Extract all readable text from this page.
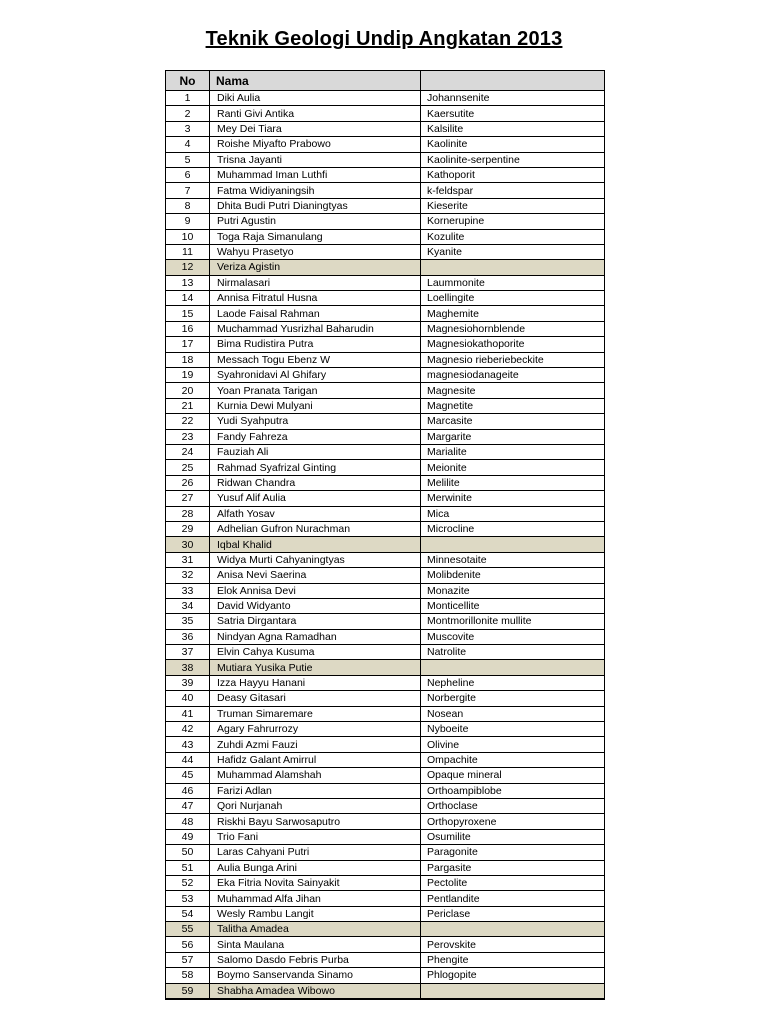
Teknik Geologi Undip Angkatan 2013
No	Nama	
1	Diki Aulia	Johannsenite
2	Ranti Givi Antika	Kaersutite
3	Mey Dei Tiara	Kalsilite
4	Roishe Miyafto Prabowo	Kaolinite
5	Trisna Jayanti	Kaolinite-serpentine
6	Muhammad Iman Luthfi	Kathoporit
7	Fatma Widiyaningsih	k-feldspar
8	Dhita Budi Putri Dianingtyas	Kieserite
9	Putri Agustin	Kornerupine
10	Toga Raja Simanulang	Kozulite
11	Wahyu Prasetyo	Kyanite
12	Veriza Agistin	
13	Nirmalasari	Laummonite
14	Annisa Fitratul Husna	Loellingite
15	Laode Faisal Rahman	Maghemite
16	Muchammad Yusrizhal Baharudin	Magnesiohornblende
17	Bima Rudistira Putra	Magnesiokathoporite
18	Messach Togu Ebenz W	Magnesio rieberiebeckite
19	Syahronidavi Al Ghifary	magnesiodanageite
20	Yoan Pranata Tarigan	Magnesite
21	Kurnia Dewi Mulyani	Magnetite
22	Yudi Syahputra	Marcasite
23	Fandy Fahreza	Margarite
24	Fauziah Ali	Marialite
25	Rahmad Syafrizal Ginting	Meionite
26	Ridwan Chandra	Melilite
27	Yusuf Alif Aulia	Merwinite
28	Alfath Yosav	Mica
29	Adhelian Gufron Nurachman	Microcline
30	Iqbal Khalid	
31	Widya Murti Cahyaningtyas	Minnesotaite
32	Anisa Nevi Saerina	Molibdenite
33	Elok Annisa Devi	Monazite
34	David Widyanto	Monticellite
35	Satria Dirgantara	Montmorillonite mullite
36	Nindyan Agna Ramadhan	Muscovite
37	Elvin Cahya Kusuma	Natrolite
38	Mutiara Yusika Putie	
39	Izza Hayyu Hanani	Nepheline
40	Deasy Gitasari	Norbergite
41	Truman Simaremare	Nosean
42	Agary Fahrurrozy	Nyboeite
43	Zuhdi Azmi Fauzi	Olivine
44	Hafidz Galant Amirrul	Ompachite
45	Muhammad Alamshah	Opaque mineral
46	Farizi Adlan	Orthoampiblobe
47	Qori Nurjanah	Orthoclase
48	Riskhi Bayu Sarwosaputro	Orthopyroxene
49	Trio Fani	Osumilite
50	Laras Cahyani Putri	Paragonite
51	Aulia Bunga Arini	Pargasite
52	Eka Fitria Novita Sainyakit	Pectolite
53	Muhammad Alfa Jihan	Pentlandite
54	Wesly Rambu Langit	Periclase
55	Talitha Amadea	
56	Sinta Maulana	Perovskite
57	Salomo Dasdo Febris Purba	Phengite
58	Boymo Sanservanda Sinamo	Phlogopite
59	Shabha Amadea Wibowo	
